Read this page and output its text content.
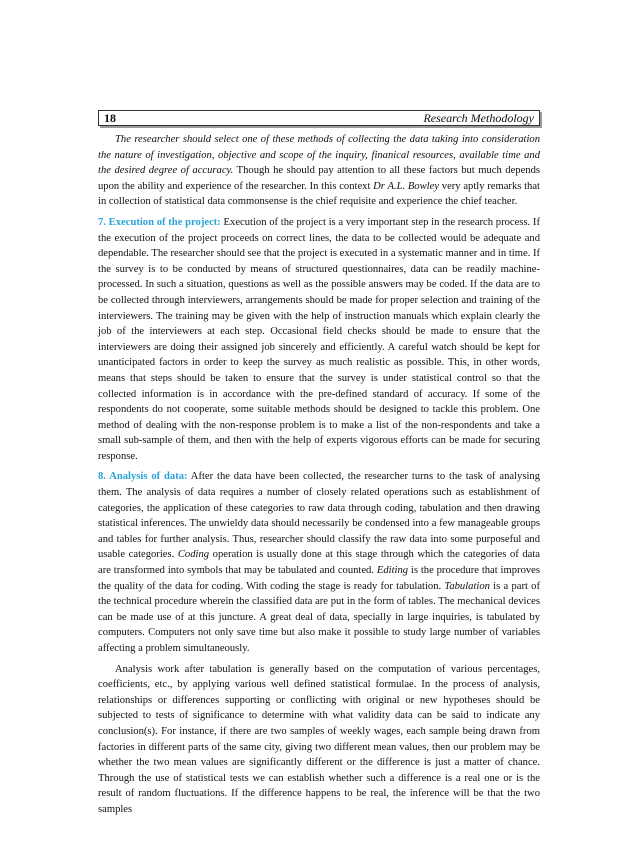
18	Research Methodology

The researcher should select one of these methods of collecting the data taking into consideration the nature of investigation, objective and scope of the inquiry, finanical resources, available time and the desired degree of accuracy. Though he should pay attention to all these factors but much depends upon the ability and experience of the researcher. In this context Dr A.L. Bowley very aptly remarks that in collection of statistical data commonsense is the chief requisite and experience the chief teacher.

7. Execution of the project: Execution of the project is a very important step in the research process. If the execution of the project proceeds on correct lines, the data to be collected would be adequate and dependable. The researcher should see that the project is executed in a systematic manner and in time. If the survey is to be conducted by means of structured questionnaires, data can be readily machine-processed. In such a situation, questions as well as the possible answers may be coded. If the data are to be collected through interviewers, arrangements should be made for proper selection and training of the interviewers. The training may be given with the help of instruction manuals which explain clearly the job of the interviewers at each step. Occasional field checks should be made to ensure that the interviewers are doing their assigned job sincerely and efficiently. A careful watch should be kept for unanticipated factors in order to keep the survey as much realistic as possible. This, in other words, means that steps should be taken to ensure that the survey is under statistical control so that the collected information is in accordance with the pre-defined standard of accuracy. If some of the respondents do not cooperate, some suitable methods should be designed to tackle this problem. One method of dealing with the non-response problem is to make a list of the non-respondents and take a small sub-sample of them, and then with the help of experts vigorous efforts can be made for securing response.

8. Analysis of data: After the data have been collected, the researcher turns to the task of analysing them. The analysis of data requires a number of closely related operations such as establishment of categories, the application of these categories to raw data through coding, tabulation and then drawing statistical inferences. The unwieldy data should necessarily be condensed into a few manageable groups and tables for further analysis. Thus, researcher should classify the raw data into some purposeful and usable categories. Coding operation is usually done at this stage through which the categories of data are transformed into symbols that may be tabulated and counted. Editing is the procedure that improves the quality of the data for coding. With coding the stage is ready for tabulation. Tabulation is a part of the technical procedure wherein the classified data are put in the form of tables. The mechanical devices can be made use of at this juncture. A great deal of data, specially in large inquiries, is tabulated by computers. Computers not only save time but also make it possible to study large number of variables affecting a problem simultaneously.

Analysis work after tabulation is generally based on the computation of various percentages, coefficients, etc., by applying various well defined statistical formulae. In the process of analysis, relationships or differences supporting or conflicting with original or new hypotheses should be subjected to tests of significance to determine with what validity data can be said to indicate any conclusion(s). For instance, if there are two samples of weekly wages, each sample being drawn from factories in different parts of the same city, giving two different mean values, then our problem may be whether the two mean values are significantly different or the difference is just a matter of chance. Through the use of statistical tests we can establish whether such a difference is a real one or is the result of random fluctuations. If the difference happens to be real, the inference will be that the two samples
